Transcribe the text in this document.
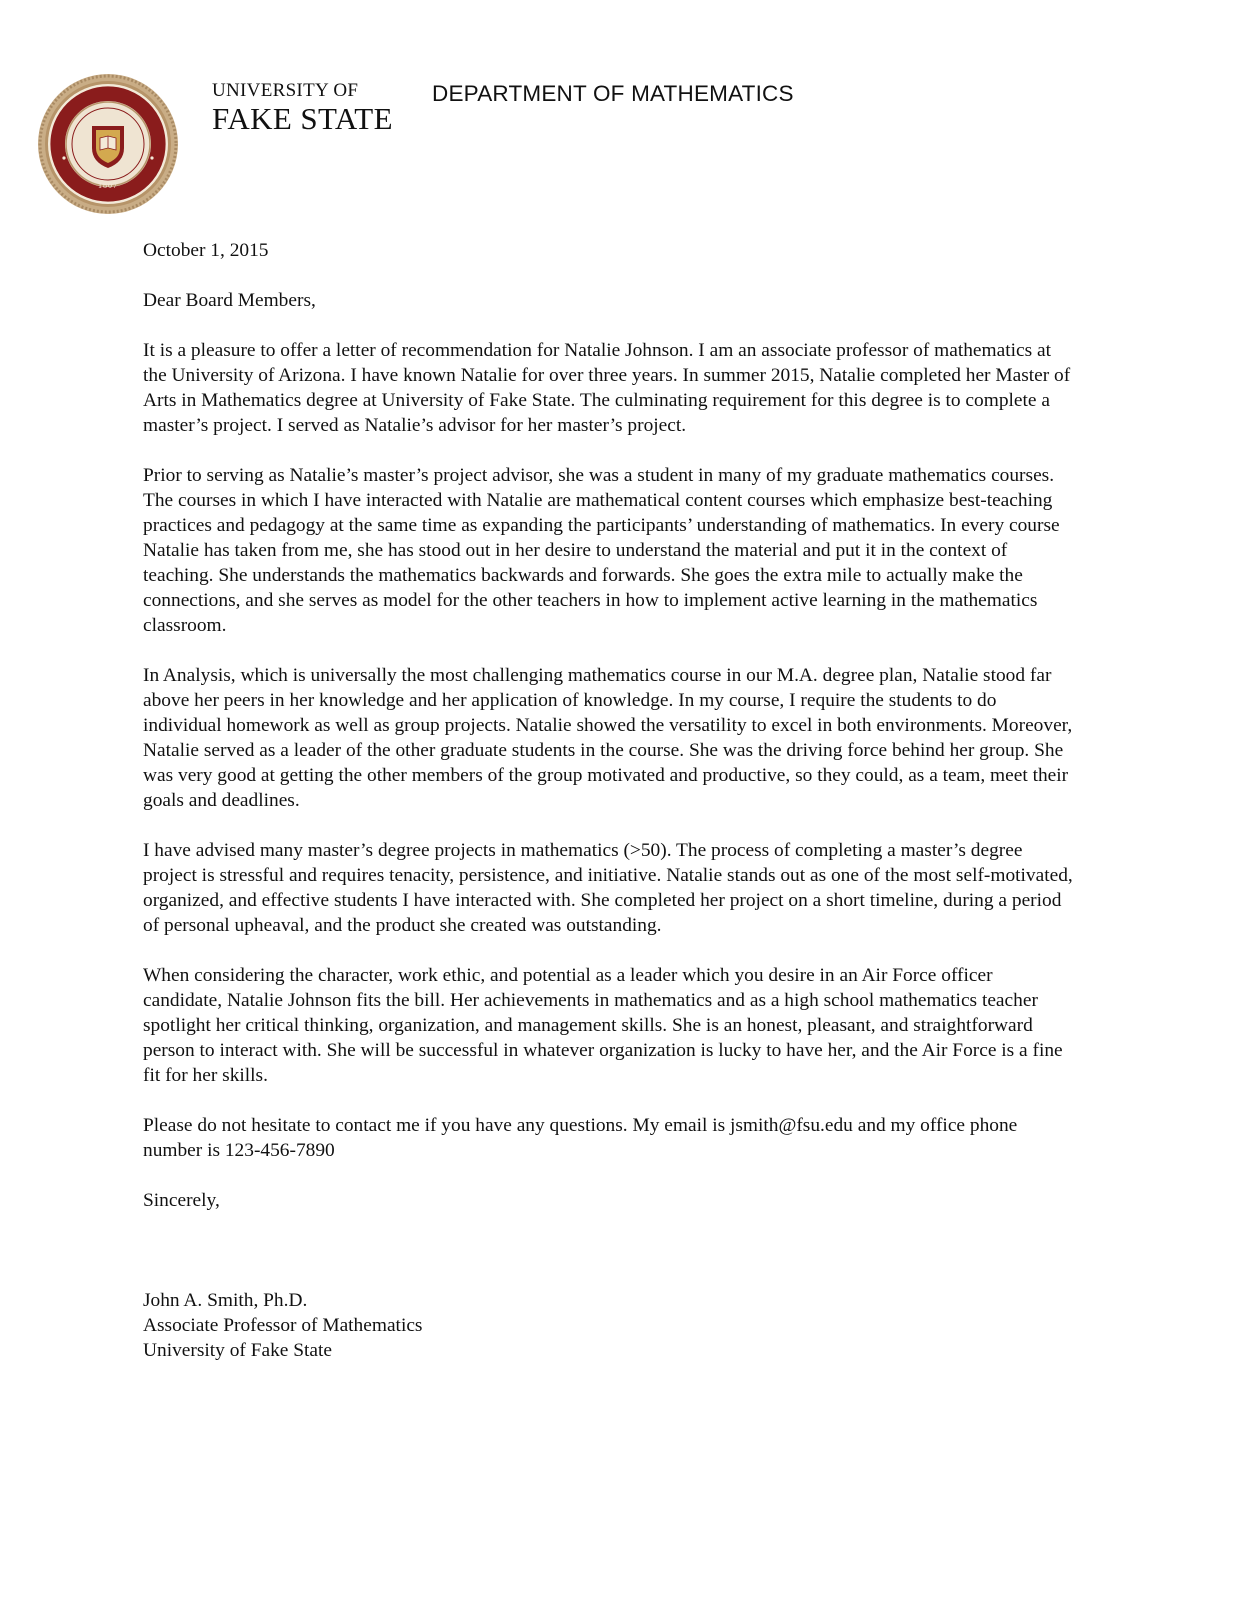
1807
UNIVERSITY OF
FAKE STATE
DEPARTMENT OF MATHEMATICS

October 1, 2015

Dear Board Members,

It is a pleasure to offer a letter of recommendation for Natalie Johnson. I am an associate professor of mathematics at the University of Arizona. I have known Natalie for over three years. In summer 2015, Natalie completed her Master of Arts in Mathematics degree at University of Fake State. The culminating requirement for this degree is to complete a master’s project. I served as Natalie’s advisor for her master’s project.

Prior to serving as Natalie’s master’s project advisor, she was a student in many of my graduate mathematics courses. The courses in which I have interacted with Natalie are mathematical content courses which emphasize best-teaching practices and pedagogy at the same time as expanding the participants’ understanding of mathematics. In every course Natalie has taken from me, she has stood out in her desire to understand the material and put it in the context of teaching. She understands the mathematics backwards and forwards. She goes the extra mile to actually make the connections, and she serves as model for the other teachers in how to implement active learning in the mathematics classroom.

In Analysis, which is universally the most challenging mathematics course in our M.A. degree plan, Natalie stood far above her peers in her knowledge and her application of knowledge. In my course, I require the students to do individual homework as well as group projects. Natalie showed the versatility to excel in both environments. Moreover, Natalie served as a leader of the other graduate students in the course. She was the driving force behind her group. She was very good at getting the other members of the group motivated and productive, so they could, as a team, meet their goals and deadlines.

I have advised many master’s degree projects in mathematics (>50). The process of completing a master’s degree project is stressful and requires tenacity, persistence, and initiative. Natalie stands out as one of the most self-motivated, organized, and effective students I have interacted with. She completed her project on a short timeline, during a period of personal upheaval, and the product she created was outstanding.

When considering the character, work ethic, and potential as a leader which you desire in an Air Force officer candidate, Natalie Johnson fits the bill. Her achievements in mathematics and as a high school mathematics teacher spotlight her critical thinking, organization, and management skills. She is an honest, pleasant, and straightforward person to interact with. She will be successful in whatever organization is lucky to have her, and the Air Force is a fine fit for her skills.

Please do not hesitate to contact me if you have any questions. My email is jsmith@fsu.edu and my office phone number is 123-456-7890

Sincerely,

John A. Smith, Ph.D.
Associate Professor of Mathematics
University of Fake State
